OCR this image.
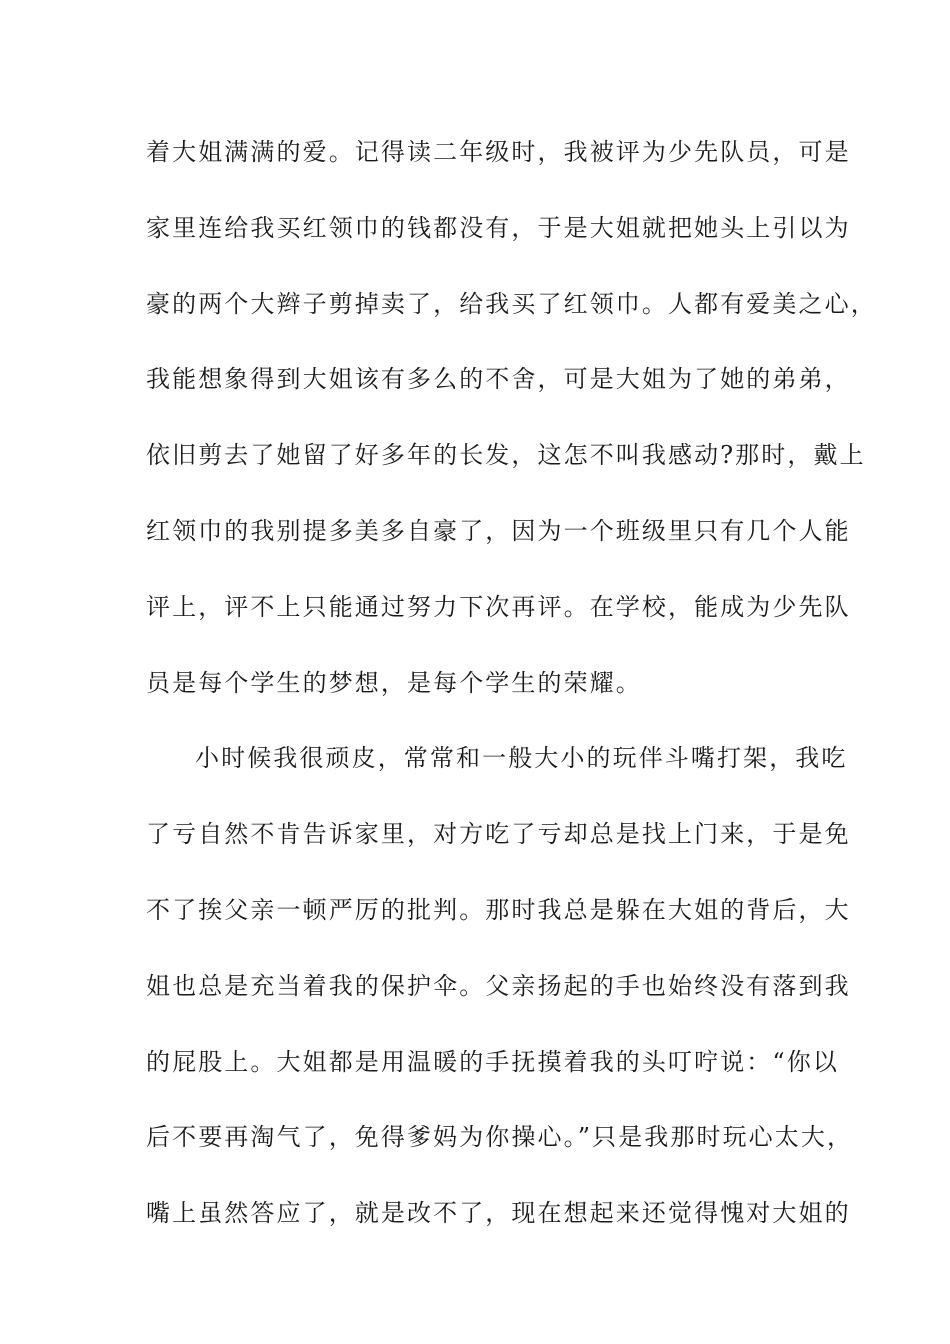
着大姐满满的爱。记得读二年级时，我被评为少先队员，可是
家里连给我买红领巾的钱都没有，于是大姐就把她头上引以为
豪的两个大辫子剪掉卖了，给我买了红领巾。人都有爱美之心，
我能想象得到大姐该有多么的不舍，可是大姐为了她的弟弟，
依旧剪去了她留了好多年的长发，这怎不叫我感动?那时，戴上
红领巾的我别提多美多自豪了，因为一个班级里只有几个人能
评上，评不上只能通过努力下次再评。在学校，能成为少先队
员是每个学生的梦想，是每个学生的荣耀。
小时候我很顽皮，常常和一般大小的玩伴斗嘴打架，我吃
了亏自然不肯告诉家里，对方吃了亏却总是找上门来，于是免
不了挨父亲一顿严厉的批判。那时我总是躲在大姐的背后，大
姐也总是充当着我的保护伞。父亲扬起的手也始终没有落到我
的屁股上。大姐都是用温暖的手抚摸着我的头叮咛说：“你以
后不要再淘气了，免得爹妈为你操心。”只是我那时玩心太大，
嘴上虽然答应了，就是改不了，现在想起来还觉得愧对大姐的
